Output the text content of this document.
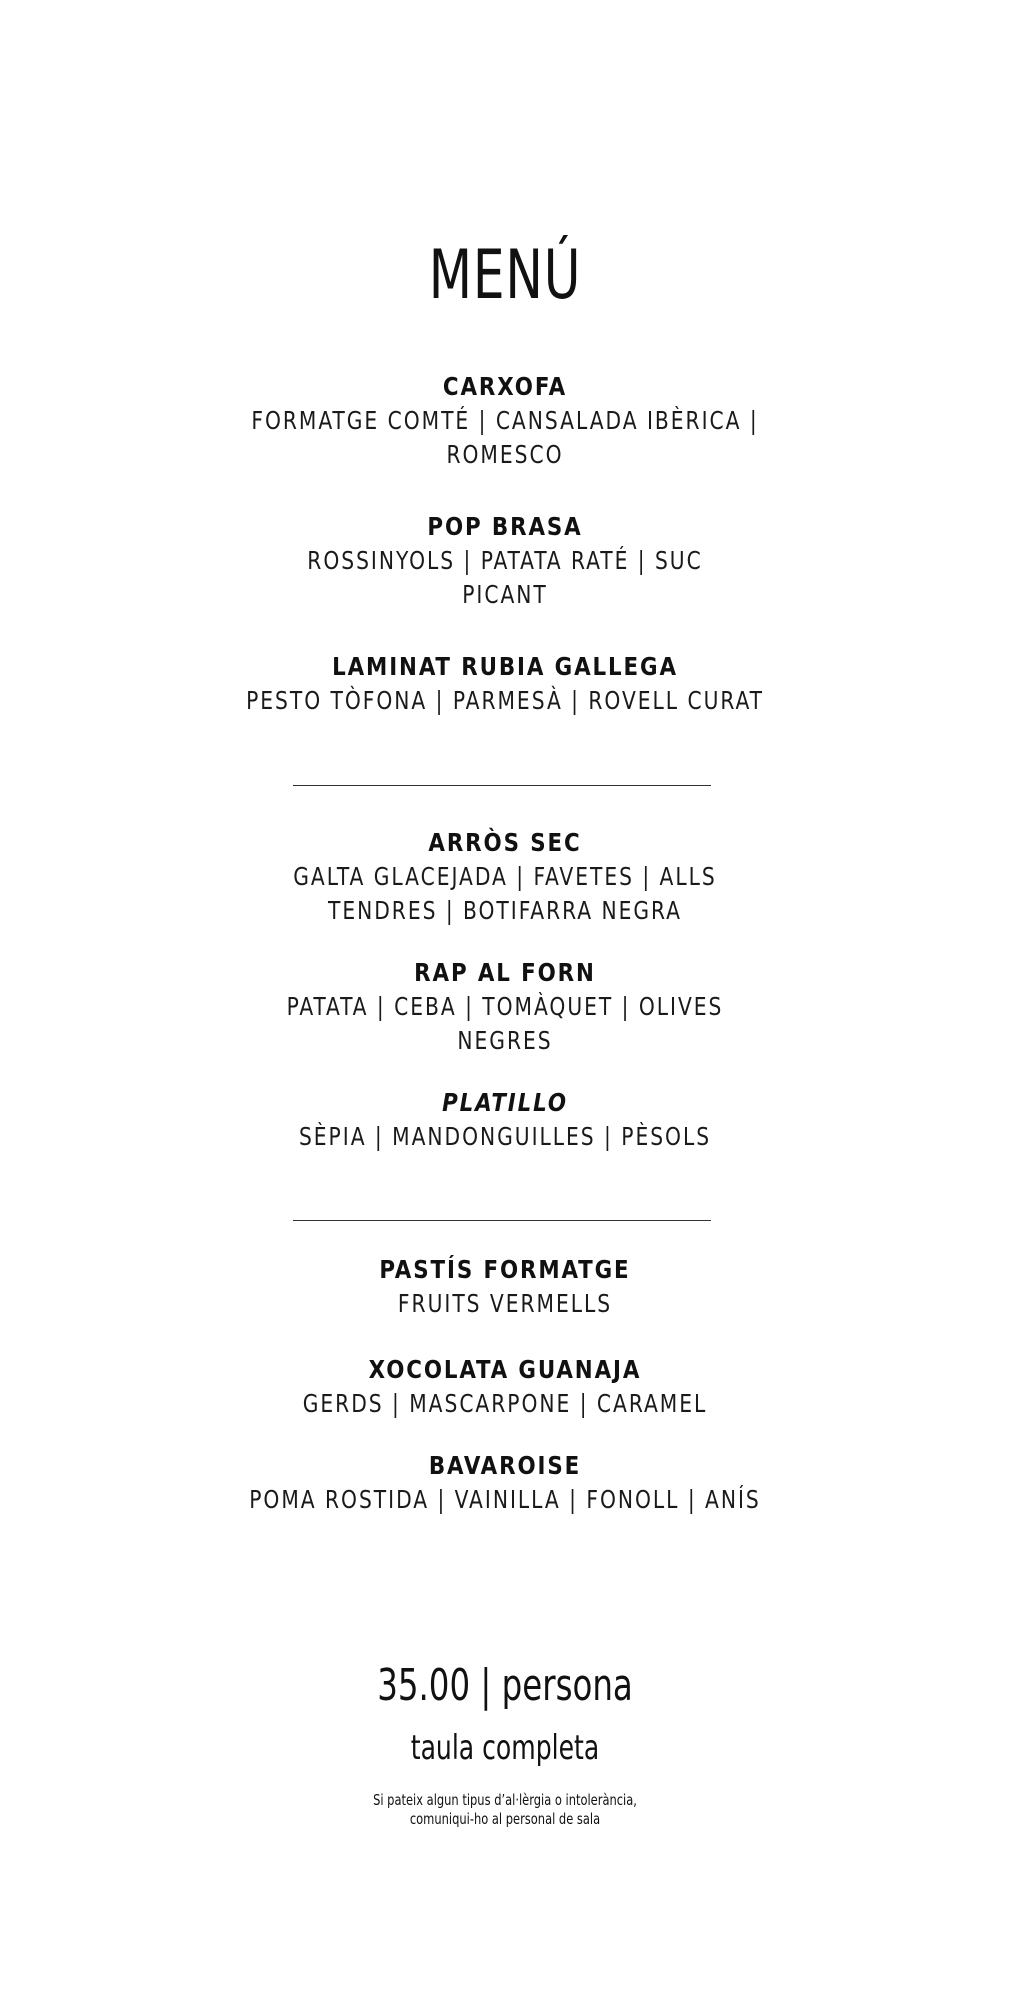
MENÚ
CARXOFA
FORMATGE COMTÉ | CANSALADA IBÈRICA |
ROMESCO
POP BRASA
ROSSINYOLS | PATATA RATÉ | SUC
PICANT
LAMINAT RUBIA GALLEGA
PESTO TÒFONA | PARMESÀ | ROVELL CURAT
ARRÒS SEC
GALTA GLACEJADA | FAVETES | ALLS
TENDRES | BOTIFARRA NEGRA
RAP AL FORN
PATATA | CEBA | TOMÀQUET | OLIVES
NEGRES
PLATILLO
SÈPIA | MANDONGUILLES | PÈSOLS
PASTÍS FORMATGE
FRUITS VERMELLS
XOCOLATA GUANAJA
GERDS | MASCARPONE | CARAMEL
BAVAROISE
POMA ROSTIDA | VAINILLA | FONOLL | ANÍS
35.00 | persona
taula completa
Si pateix algun tipus d’al·lèrgia o intolerància,
comuniqui-ho al personal de sala
